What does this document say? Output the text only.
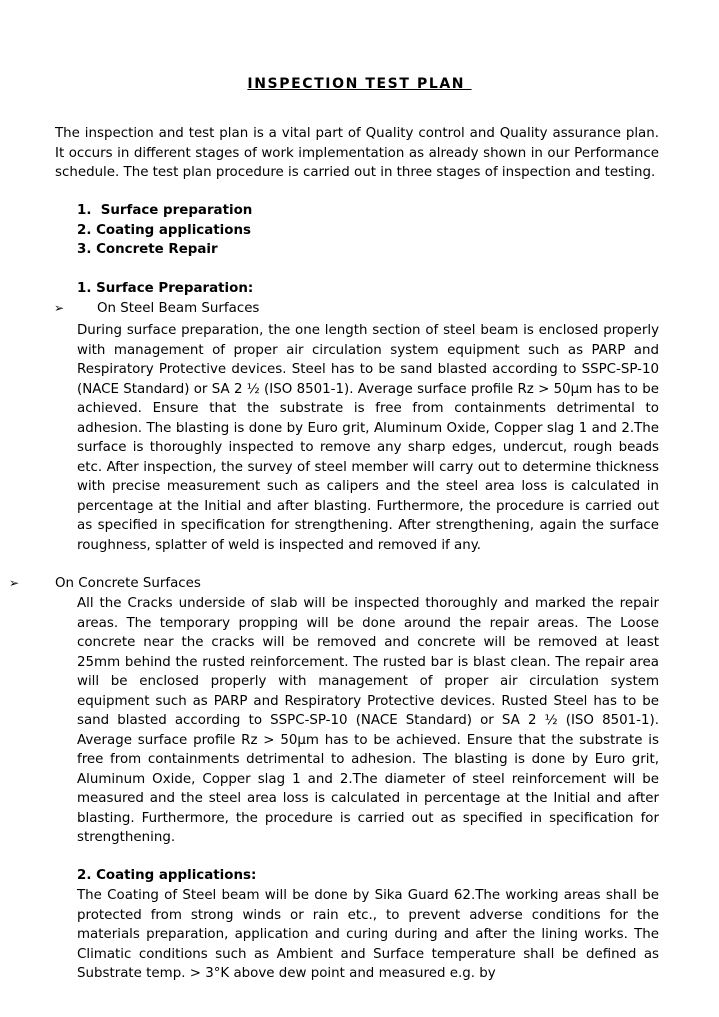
INSPECTION TEST PLAN

The inspection and test plan is a vital part of Quality control and Quality assurance plan. It occurs in different stages of work implementation as already shown in our Performance schedule. The test plan procedure is carried out in three stages of inspection and testing.

1.  Surface preparation
2. Coating applications
3. Concrete Repair
1. Surface Preparation:
➢ On Steel Beam Surfaces

During surface preparation, the one length section of steel beam is enclosed properly with management of proper air circulation system equipment such as PARP and Respiratory Protective devices. Steel has to be sand blasted according to SSPC-SP-10 (NACE Standard) or SA 2 ½ (ISO 8501-1). Average surface profile Rz > 50µm has to be achieved. Ensure that the substrate is free from containments detrimental to adhesion. The blasting is done by Euro grit, Aluminum Oxide, Copper slag 1 and 2.The surface is thoroughly inspected to remove any sharp edges, undercut, rough beads etc. After inspection, the survey of steel member will carry out to determine thickness with precise measurement such as calipers and the steel area loss is calculated in percentage at the Initial and after blasting. Furthermore, the procedure is carried out as specified in specification for strengthening. After strengthening, again the surface roughness, splatter of weld is inspected and removed if any.

➢	On Concrete Surfaces

All the Cracks underside of slab will be inspected thoroughly and marked the repair areas. The temporary propping will be done around the repair areas. The Loose concrete near the cracks will be removed and concrete will be removed at least 25mm behind the rusted reinforcement. The rusted bar is blast clean. The repair area will be enclosed properly with management of proper air circulation system equipment such as PARP and Respiratory Protective devices. Rusted Steel has to be sand blasted according to SSPC-SP-10 (NACE Standard) or SA 2 ½ (ISO 8501-1). Average surface profile Rz > 50µm has to be achieved. Ensure that the substrate is free from containments detrimental to adhesion. The blasting is done by Euro grit, Aluminum Oxide, Copper slag 1 and 2.The diameter of steel reinforcement will be measured and the steel area loss is calculated in percentage at the Initial and after blasting. Furthermore, the procedure is carried out as specified in specification for strengthening.

2. Coating applications:

The Coating of Steel beam will be done by Sika Guard 62.The working areas shall be protected from strong winds or rain etc., to prevent adverse conditions for the materials preparation, application and curing during and after the lining works. The Climatic conditions such as Ambient and Surface temperature shall be defined as Substrate temp. > 3°K above dew point and measured e.g. by
